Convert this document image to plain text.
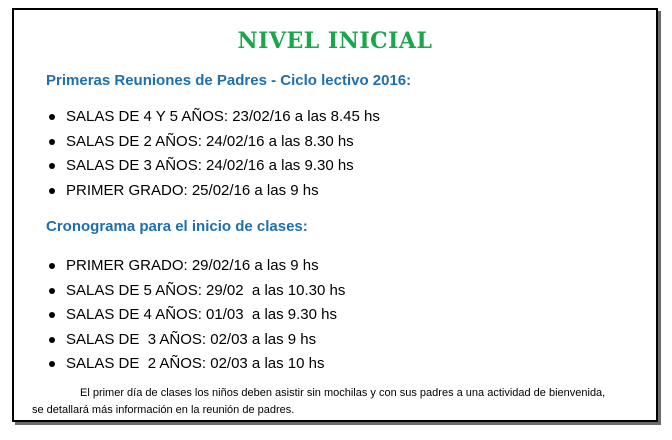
NIVEL INICIAL
Primeras Reuniones de Padres - Ciclo lectivo 2016:
SALAS DE 4 Y 5 AÑOS: 23/02/16 a las 8.45 hs
SALAS DE 2 AÑOS: 24/02/16 a las 8.30 hs
SALAS DE 3 AÑOS: 24/02/16 a las 9.30 hs
PRIMER GRADO: 25/02/16 a las 9 hs
Cronograma para el inicio de clases:
PRIMER GRADO: 29/02/16 a las 9 hs
SALAS DE 5 AÑOS: 29/02  a las 10.30 hs
SALAS DE 4 AÑOS: 01/03  a las 9.30 hs
SALAS DE  3 AÑOS: 02/03 a las 9 hs
SALAS DE  2 AÑOS: 02/03 a las 10 hs
El primer día de clases los niños deben asistir sin mochilas y con sus padres a una actividad de bienvenida,
se detallará más información en la reunión de padres.
